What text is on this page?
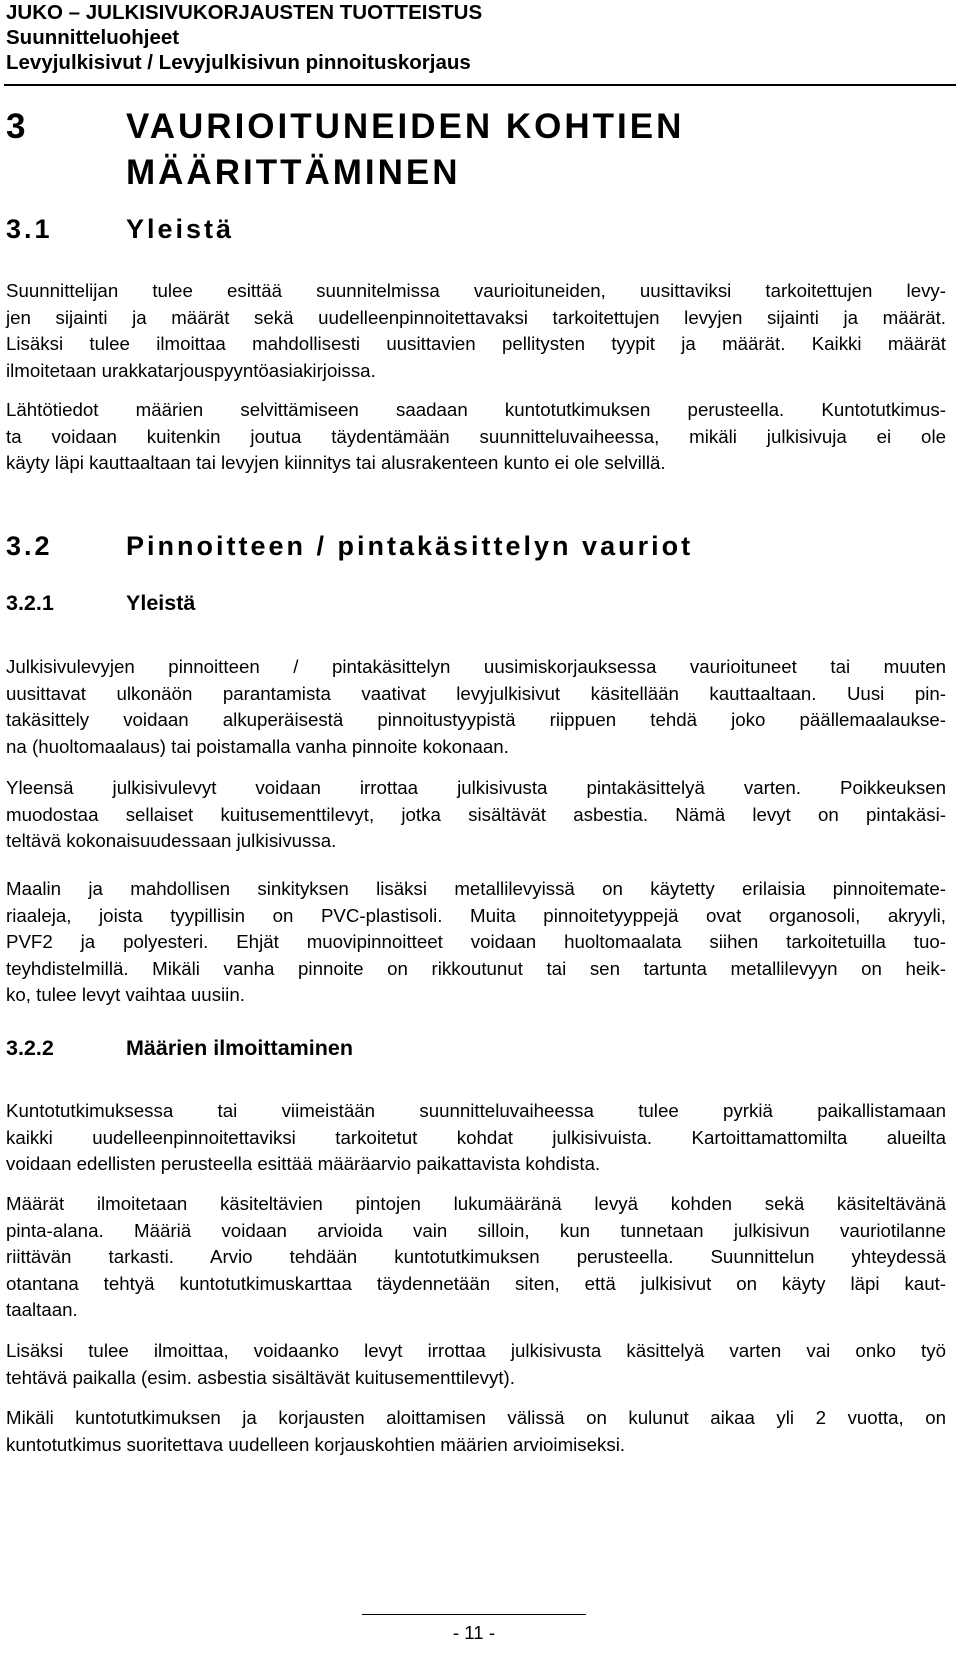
JUKO – JULKISIVUKORJAUSTEN TUOTTEISTUS
Suunnitteluohjeet
Levyjulkisivut / Levyjulkisivun pinnoituskorjaus
3	VAURIOITUNEIDEN KOHTIEN MÄÄRITTÄMINEN
3.1	Yleistä
Suunnittelijan tulee esittää suunnitelmissa vaurioituneiden, uusittaviksi tarkoitettujen levy-
jen sijainti ja määrät sekä uudelleenpinnoitettavaksi tarkoitettujen levyjen sijainti ja määrät.
Lisäksi tulee ilmoittaa mahdollisesti uusittavien pellitysten tyypit ja määrät. Kaikki määrät
ilmoitetaan urakkatarjouspyyntöasiakirjoissa.
Lähtötiedot määrien selvittämiseen saadaan kuntotutkimuksen perusteella. Kuntotutkimus-
ta voidaan kuitenkin joutua täydentämään suunnitteluvaiheessa, mikäli julkisivuja ei ole
käyty läpi kauttaaltaan tai levyjen kiinnitys tai alusrakenteen kunto ei ole selvillä.
3.2	Pinnoitteen / pintakäsittelyn vauriot
3.2.1	Yleistä
Julkisivulevyjen pinnoitteen / pintakäsittelyn uusimiskorjauksessa vaurioituneet tai muuten
uusittavat ulkonäön parantamista vaativat levyjulkisivut käsitellään kauttaaltaan. Uusi pin-
takäsittely voidaan alkuperäisestä pinnoitustyypistä riippuen tehdä joko päällemaalaukse-
na (huoltomaalaus) tai poistamalla vanha pinnoite kokonaan.
Yleensä julkisivulevyt voidaan irrottaa julkisivusta pintakäsittelyä varten. Poikkeuksen
muodostaa sellaiset kuitusementtilevyt, jotka sisältävät asbestia. Nämä levyt on pintakäsi-
teltävä kokonaisuudessaan julkisivussa.
Maalin ja mahdollisen sinkityksen lisäksi metallilevyissä on käytetty erilaisia pinnoitemate-
riaaleja, joista tyypillisin on PVC-plastisoli. Muita pinnoitetyyppejä ovat organosoli, akryyli,
PVF2 ja polyesteri. Ehjät muovipinnoitteet voidaan huoltomaalata siihen tarkoitetuilla tuo-
teyhdistelmillä. Mikäli vanha pinnoite on rikkoutunut tai sen tartunta metallilevyyn on heik-
ko, tulee levyt vaihtaa uusiin.
3.2.2	Määrien ilmoittaminen
Kuntotutkimuksessa tai viimeistään suunnitteluvaiheessa tulee pyrkiä paikallistamaan
kaikki uudelleenpinnoitettaviksi tarkoitetut kohdat julkisivuista. Kartoittamattomilta alueilta
voidaan edellisten perusteella esittää määräarvio paikattavista kohdista.
Määrät ilmoitetaan käsiteltävien pintojen lukumääränä levyä kohden sekä käsiteltävänä
pinta-alana. Määriä voidaan arvioida vain silloin, kun tunnetaan julkisivun vauriotilanne
riittävän tarkasti. Arvio tehdään kuntotutkimuksen perusteella. Suunnittelun yhteydessä
otantana tehtyä kuntotutkimuskarttaa täydennetään siten, että julkisivut on käyty läpi kaut-
taaltaan.
Lisäksi tulee ilmoittaa, voidaanko levyt irrottaa julkisivusta käsittelyä varten vai onko työ
tehtävä paikalla (esim. asbestia sisältävät kuitusementtilevyt).
Mikäli kuntotutkimuksen ja korjausten aloittamisen välissä on kulunut aikaa yli 2 vuotta, on
kuntotutkimus suoritettava uudelleen korjauskohtien määrien arvioimiseksi.
- 11 -
